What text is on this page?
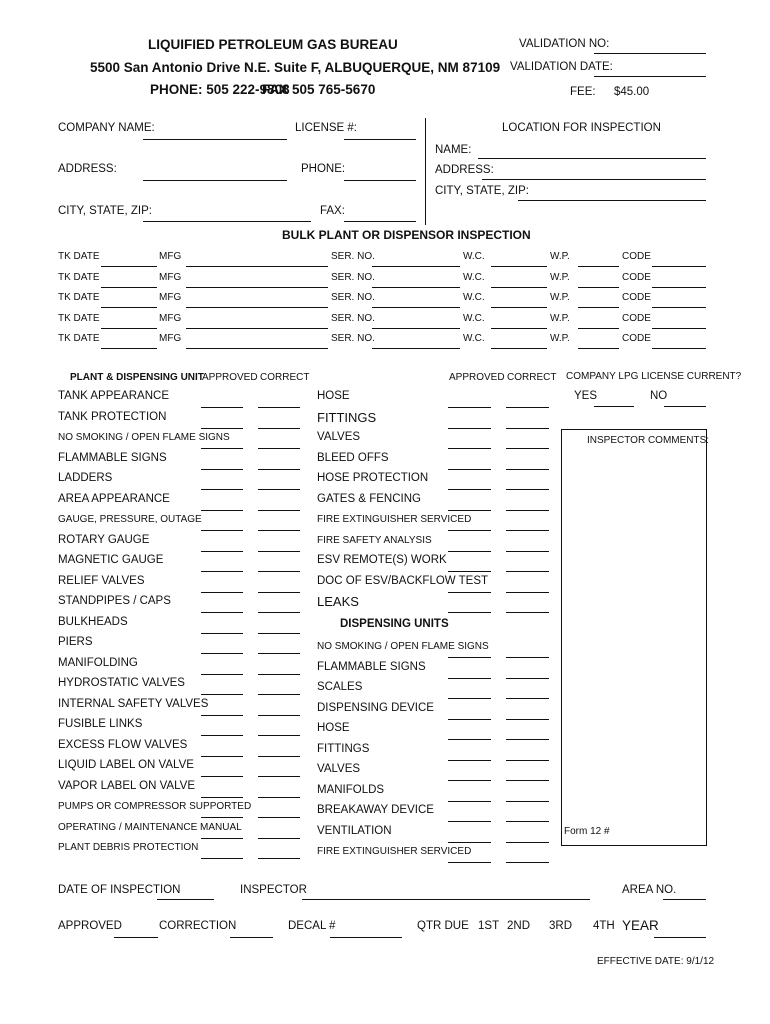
LIQUIFIED PETROLEUM GAS BUREAU
5500 San Antonio Drive N.E. Suite F, ALBUQUERQUE, NM 87109
PHONE: 505 222-9808
FAX 505 765-5670
VALIDATION NO:
VALIDATION DATE:
FEE: $45.00
COMPANY NAME:	LICENSE #:
ADDRESS:	PHONE:
CITY, STATE, ZIP:	FAX:
LOCATION FOR INSPECTION
NAME:
ADDRESS:
CITY, STATE, ZIP:
BULK PLANT OR DISPENSOR INSPECTION
TK DATE	MFG	SER. NO.	W.C.	W.P.	CODE
TK DATE	MFG	SER. NO.	W.C.	W.P.	CODE
TK DATE	MFG	SER. NO.	W.C.	W.P.	CODE
TK DATE	MFG	SER. NO.	W.C.	W.P.	CODE
TK DATE	MFG	SER. NO.	W.C.	W.P.	CODE
PLANT & DISPENSING UNIT
APPROVED CORRECT	APPROVED CORRECT
TANK APPEARANCE
TANK PROTECTION
NO SMOKING / OPEN FLAME SIGNS
FLAMMABLE SIGNS
LADDERS
AREA APPEARANCE
GAUGE, PRESSURE, OUTAGE
ROTARY GAUGE
MAGNETIC GAUGE
RELIEF VALVES
STANDPIPES / CAPS
BULKHEADS
PIERS
MANIFOLDING
HYDROSTATIC VALVES
INTERNAL SAFETY VALVES
FUSIBLE LINKS
EXCESS FLOW VALVES
LIQUID LABEL ON VALVE
VAPOR LABEL ON VALVE
PUMPS OR COMPRESSOR SUPPORTED
OPERATING / MAINTENANCE MANUAL
PLANT DEBRIS PROTECTION
HOSE
FITTINGS
VALVES
BLEED OFFS
HOSE PROTECTION
GATES & FENCING
FIRE EXTINGUISHER SERVICED
FIRE SAFETY ANALYSIS
ESV REMOTE(S) WORK
DOC OF ESV/BACKFLOW TEST
LEAKS
DISPENSING UNITS
NO SMOKING / OPEN FLAME SIGNS
FLAMMABLE SIGNS
SCALES
DISPENSING DEVICE
HOSE
FITTINGS
VALVES
MANIFOLDS
BREAKAWAY DEVICE
VENTILATION
FIRE EXTINGUISHER SERVICED
COMPANY LPG LICENSE CURRENT?
YES	NO
INSPECTOR COMMENTS:
Form 12 #
DATE OF INSPECTION	INSPECTOR	AREA NO.
APPROVED	CORRECTION	DECAL #	QTR DUE 1ST 2ND 3RD 4TH YEAR
EFFECTIVE DATE: 9/1/12
